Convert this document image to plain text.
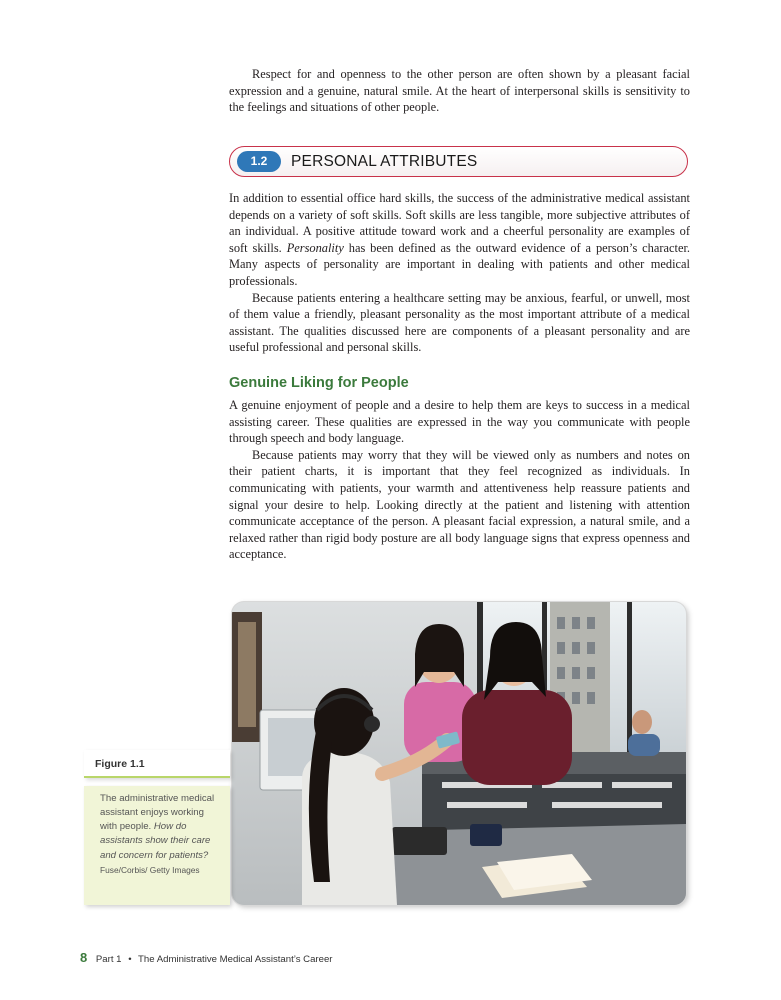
Respect for and openness to the other person are often shown by a pleasant facial expression and a genuine, natural smile. At the heart of interpersonal skills is sensitivity to the feelings and situations of other people.

1.2	PERSONAL ATTRIBUTES

In addition to essential office hard skills, the success of the administrative medical assistant depends on a variety of soft skills. Soft skills are less tangible, more subjective attributes of an individual. A positive attitude toward work and a cheerful personality are examples of soft skills. Personality has been defined as the outward evidence of a person’s character. Many aspects of personality are important in dealing with patients and other medical professionals.

Because patients entering a healthcare setting may be anxious, fearful, or unwell, most of them value a friendly, pleasant personality as the most important attribute of a medical assistant. The qualities discussed here are components of a pleasant personality and are useful professional and personal skills.

Genuine Liking for People

A genuine enjoyment of people and a desire to help them are keys to success in a medical assisting career. These qualities are expressed in the way you communicate with people through speech and body language.

Because patients may worry that they will be viewed only as numbers and notes on their patient charts, it is important that they feel recognized as individuals. In communicating with patients, your warmth and attentiveness help reassure patients and signal your desire to help. Looking directly at the patient and listening with attention communicate acceptance of the person. A pleasant facial expression, a natural smile, and a relaxed rather than rigid body posture are all body language signs that express openness and acceptance.

Figure 1.1
The administrative medical assistant enjoys working with people. How do assistants show their care and concern for patients? Fuse/Corbis/ Getty Images
8 Part 1 • The Administrative Medical Assistant’s Career
